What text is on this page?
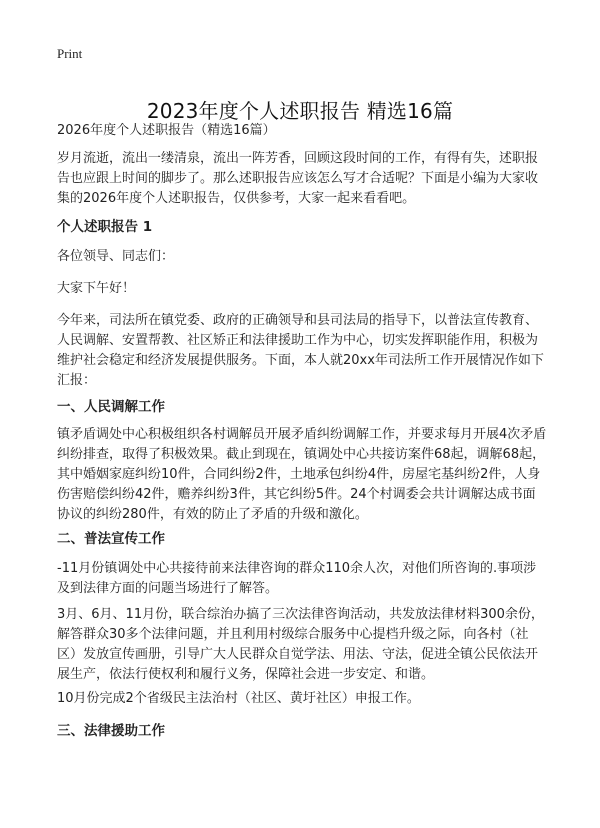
Print
2023年度个人述职报告 精选16篇
2026年度个人述职报告（精选16篇）
岁月流逝，流出一缕清泉，流出一阵芳香，回顾这段时间的工作，有得有失，述职报告也应跟上时间的脚步了。那么述职报告应该怎么写才合适呢？下面是小编为大家收集的2026年度个人述职报告，仅供参考，大家一起来看看吧。
个人述职报告 1
各位领导、同志们：
大家下午好！
今年来，司法所在镇党委、政府的正确领导和县司法局的指导下，以普法宣传教育、人民调解、安置帮教、社区矫正和法律援助工作为中心，切实发挥职能作用，积极为维护社会稳定和经济发展提供服务。下面，本人就20xx年司法所工作开展情况作如下汇报：
一、人民调解工作
镇矛盾调处中心积极组织各村调解员开展矛盾纠纷调解工作，并要求每月开展4次矛盾纠纷排查，取得了积极效果。截止到现在，镇调处中心共接访案件68起，调解68起，其中婚姻家庭纠纷10件，合同纠纷2件，土地承包纠纷4件，房屋宅基纠纷2件，人身伤害赔偿纠纷42件，赡养纠纷3件，其它纠纷5件。24个村调委会共计调解达成书面协议的纠纷280件，有效的防止了矛盾的升级和激化。
二、普法宣传工作
-11月份镇调处中心共接待前来法律咨询的群众110余人次，对他们所咨询的.事项涉及到法律方面的问题当场进行了解答。
3月、6月、11月份，联合综治办搞了三次法律咨询活动，共发放法律材料300余份，解答群众30多个法律问题，并且利用村级综合服务中心提档升级之际，向各村（社区）发放宣传画册，引导广大人民群众自觉学法、用法、守法，促进全镇公民依法开展生产，依法行使权利和履行义务，保障社会进一步安定、和谐。
10月份完成2个省级民主法治村（社区、黄圩社区）申报工作。
三、法律援助工作
